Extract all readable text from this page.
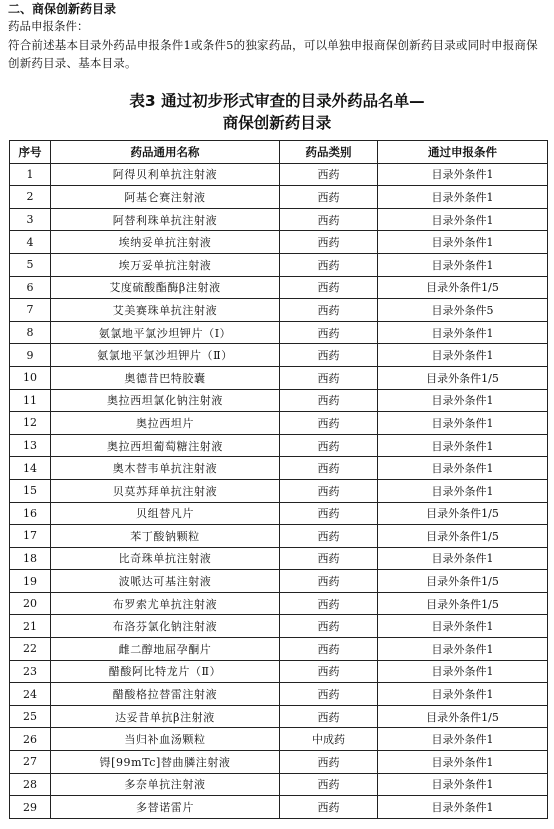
二、商保创新药目录
药品申报条件：
符合前述基本目录外药品申报条件1或条件5的独家药品，可以单独申报商保创新药目录或同时申报商保创新药目录、基本目录。
表3 通过初步形式审查的目录外药品名单—
商保创新药目录
序号	药品通用名称	药品类别	通过申报条件
1	阿得贝利单抗注射液	西药	目录外条件1
2	阿基仑赛注射液	西药	目录外条件1
3	阿替利珠单抗注射液	西药	目录外条件1
4	埃纳妥单抗注射液	西药	目录外条件1
5	埃万妥单抗注射液	西药	目录外条件1
6	艾度硫酸酯酶β注射液	西药	目录外条件1/5
7	艾美赛珠单抗注射液	西药	目录外条件5
8	氨氯地平氯沙坦钾片（Ⅰ）	西药	目录外条件1
9	氨氯地平氯沙坦钾片（Ⅱ）	西药	目录外条件1
10	奥德昔巴特胶囊	西药	目录外条件1/5
11	奥拉西坦氯化钠注射液	西药	目录外条件1
12	奥拉西坦片	西药	目录外条件1
13	奥拉西坦葡萄糖注射液	西药	目录外条件1
14	奥木替韦单抗注射液	西药	目录外条件1
15	贝莫苏拜单抗注射液	西药	目录外条件1
16	贝组替凡片	西药	目录外条件1/5
17	苯丁酸钠颗粒	西药	目录外条件1/5
18	比奇珠单抗注射液	西药	目录外条件1
19	波哌达可基注射液	西药	目录外条件1/5
20	布罗索尤单抗注射液	西药	目录外条件1/5
21	布洛芬氯化钠注射液	西药	目录外条件1
22	雌二醇地屈孕酮片	西药	目录外条件1
23	醋酸阿比特龙片（Ⅱ）	西药	目录外条件1
24	醋酸格拉替雷注射液	西药	目录外条件1
25	达妥昔单抗β注射液	西药	目录外条件1/5
26	当归补血汤颗粒	中成药	目录外条件1
27	锝[99mTc]替曲膦注射液	西药	目录外条件1
28	多奈单抗注射液	西药	目录外条件1
29	多替诺雷片	西药	目录外条件1
